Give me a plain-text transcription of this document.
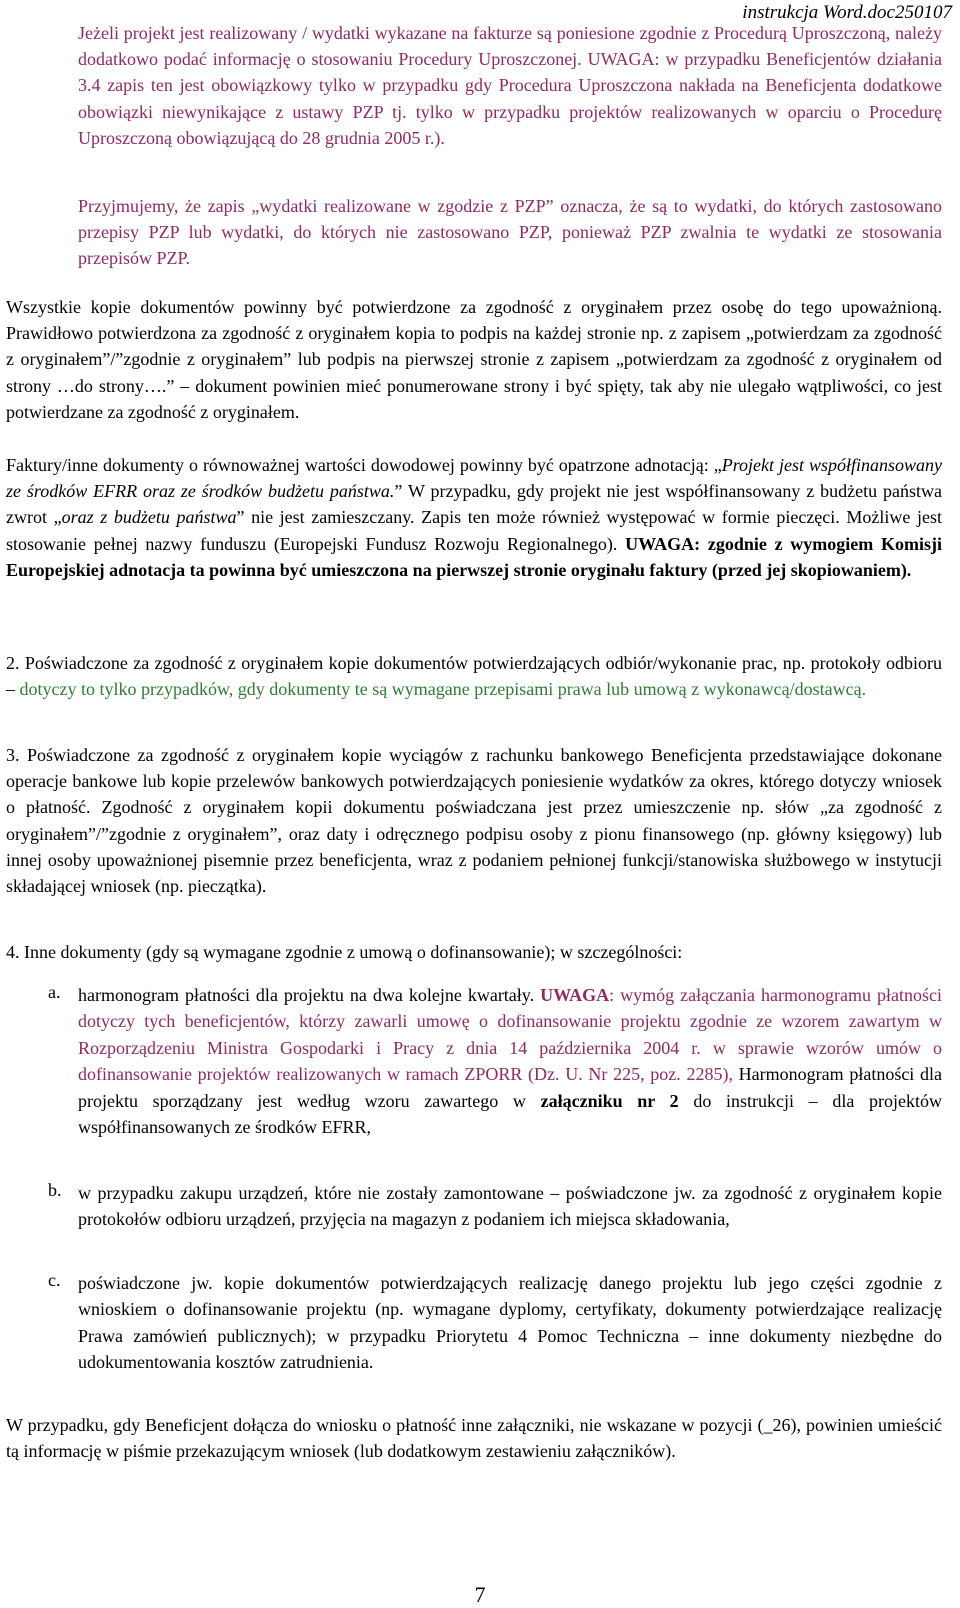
instrukcja Word.doc250107
Jeżeli projekt jest realizowany / wydatki wykazane na fakturze są poniesione zgodnie z Procedurą Uproszczoną, należy dodatkowo podać informację o stosowaniu Procedury Uproszczonej. UWAGA: w przypadku Beneficjentów działania 3.4 zapis ten jest obowiązkowy tylko w przypadku gdy Procedura Uproszczona nakłada na Beneficjenta dodatkowe obowiązki niewynikające z ustawy PZP tj. tylko w przypadku projektów realizowanych w oparciu o Procedurę Uproszczoną obowiązującą do 28 grudnia 2005 r.).
Przyjmujemy, że zapis „wydatki realizowane w zgodzie z PZP” oznacza, że są to wydatki, do których zastosowano przepisy PZP lub wydatki, do których nie zastosowano PZP, ponieważ PZP zwalnia te wydatki ze stosowania przepisów PZP.
Wszystkie kopie dokumentów powinny być potwierdzone za zgodność z oryginałem przez osobę do tego upoważnioną. Prawidłowo potwierdzona za zgodność z oryginałem kopia to podpis na każdej stronie np. z zapisem „potwierdzam za zgodność z oryginałem”/”zgodnie z oryginałem” lub podpis na pierwszej stronie z zapisem „potwierdzam za zgodność z oryginałem od strony …do strony….” – dokument powinien mieć ponumerowane strony i być spięty, tak aby nie ulegało wątpliwości, co jest potwierdzane za zgodność z oryginałem.
Faktury/inne dokumenty o równoważnej wartości dowodowej powinny być opatrzone adnotacją: „Projekt jest współfinansowany ze środków EFRR oraz ze środków budżetu państwa.” W przypadku, gdy projekt nie jest współfinansowany z budżetu państwa zwrot „oraz z budżetu państwa” nie jest zamieszczany. Zapis ten może również występować w formie pieczęci. Możliwe jest stosowanie pełnej nazwy funduszu (Europejski Fundusz Rozwoju Regionalnego). UWAGA: zgodnie z wymogiem Komisji Europejskiej adnotacja ta powinna być umieszczona na pierwszej stronie oryginału faktury (przed jej skopiowaniem).
2. Poświadczone za zgodność z oryginałem kopie dokumentów potwierdzających odbiór/wykonanie prac, np. protokoły odbioru – dotyczy to tylko przypadków, gdy dokumenty te są wymagane przepisami prawa lub umową z wykonawcą/dostawcą.
3. Poświadczone za zgodność z oryginałem kopie wyciągów z rachunku bankowego Beneficjenta przedstawiające dokonane operacje bankowe lub kopie przelewów bankowych potwierdzających poniesienie wydatków za okres, którego dotyczy wniosek o płatność. Zgodność z oryginałem kopii dokumentu poświadczana jest przez umieszczenie np. słów „za zgodność z oryginałem”/”zgodnie z oryginałem”, oraz daty i odręcznego podpisu osoby z pionu finansowego (np. główny księgowy) lub innej osoby upoważnionej pisemnie przez beneficjenta, wraz z podaniem pełnionej funkcji/stanowiska służbowego w instytucji składającej wniosek (np. pieczątka).
4. Inne dokumenty (gdy są wymagane zgodnie z umową o dofinansowanie); w szczególności:
a. harmonogram płatności dla projektu na dwa kolejne kwartały. UWAGA: wymóg załączania harmonogramu płatności dotyczy tych beneficjentów, którzy zawarli umowę o dofinansowanie projektu zgodnie ze wzorem zawartym w Rozporządzeniu Ministra Gospodarki i Pracy z dnia 14 października 2004 r. w sprawie wzorów umów o dofinansowanie projektów realizowanych w ramach ZPORR (Dz. U. Nr 225, poz. 2285), Harmonogram płatności dla projektu sporządzany jest według wzoru zawartego w załączniku nr 2 do instrukcji – dla projektów współfinansowanych ze środków EFRR,
b. w przypadku zakupu urządzeń, które nie zostały zamontowane – poświadczone jw. za zgodność z oryginałem kopie protokołów odbioru urządzeń, przyjęcia na magazyn z podaniem ich miejsca składowania,
c. poświadczone jw. kopie dokumentów potwierdzających realizację danego projektu lub jego części zgodnie z wnioskiem o dofinansowanie projektu (np. wymagane dyplomy, certyfikaty, dokumenty potwierdzające realizację Prawa zamówień publicznych); w przypadku Priorytetu 4 Pomoc Techniczna – inne dokumenty niezbędne do udokumentowania kosztów zatrudnienia.
W przypadku, gdy Beneficjent dołącza do wniosku o płatność inne załączniki, nie wskazane w pozycji (_26), powinien umieścić tą informację w piśmie przekazującym wniosek (lub dodatkowym zestawieniu załączników).
7
